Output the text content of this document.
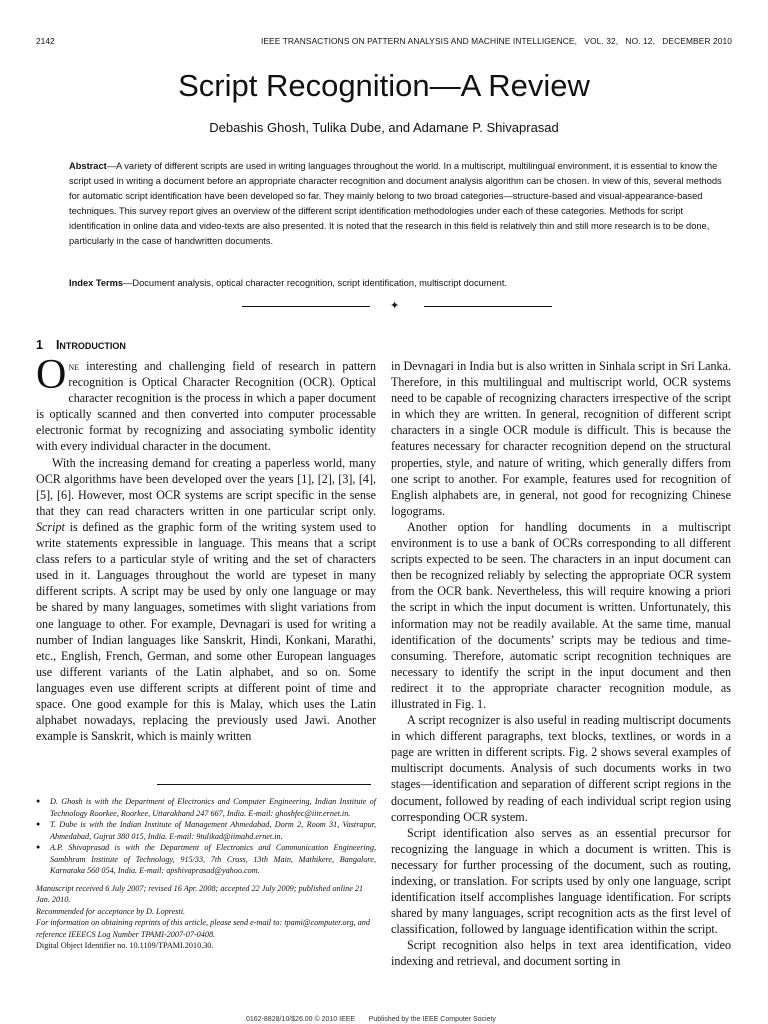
2142	IEEE TRANSACTIONS ON PATTERN ANALYSIS AND MACHINE INTELLIGENCE,   VOL. 32,   NO. 12,   DECEMBER 2010
Script Recognition—A Review
Debashis Ghosh, Tulika Dube, and Adamane P. Shivaprasad
Abstract—A variety of different scripts are used in writing languages throughout the world. In a multiscript, multilingual environment, it is essential to know the script used in writing a document before an appropriate character recognition and document analysis algorithm can be chosen. In view of this, several methods for automatic script identification have been developed so far. They mainly belong to two broad categories—structure-based and visual-appearance-based techniques. This survey report gives an overview of the different script identification methodologies under each of these categories. Methods for script identification in online data and video-texts are also presented. It is noted that the research in this field is relatively thin and still more research is to be done, particularly in the case of handwritten documents.
Index Terms—Document analysis, optical character recognition, script identification, multiscript document.
✦
1 Introduction

One interesting and challenging field of research in pattern recognition is Optical Character Recognition (OCR). Optical character recognition is the process in which a paper document is optically scanned and then converted into computer processable electronic format by recognizing and associating symbolic identity with every individual character in the document.

With the increasing demand for creating a paperless world, many OCR algorithms have been developed over the years [1], [2], [3], [4], [5], [6]. However, most OCR systems are script specific in the sense that they can read characters written in one particular script only. Script is defined as the graphic form of the writing system used to write statements expressible in language. This means that a script class refers to a particular style of writing and the set of characters used in it. Languages throughout the world are typeset in many different scripts. A script may be used by only one language or may be shared by many languages, sometimes with slight variations from one language to other. For example, Devnagari is used for writing a number of Indian languages like Sanskrit, Hindi, Konkani, Marathi, etc., English, French, German, and some other European languages use different variants of the Latin alphabet, and so on. Some languages even use different scripts at different point of time and space. One good example for this is Malay, which uses the Latin alphabet nowadays, replacing the previously used Jawi. Another example is Sanskrit, which is mainly written

in Devnagari in India but is also written in Sinhala script in Sri Lanka. Therefore, in this multilingual and multiscript world, OCR systems need to be capable of recognizing characters irrespective of the script in which they are written. In general, recognition of different script characters in a single OCR module is difficult. This is because the features necessary for character recognition depend on the structural properties, style, and nature of writing, which generally differs from one script to another. For example, features used for recognition of English alphabets are, in general, not good for recognizing Chinese logograms.

Another option for handling documents in a multiscript environment is to use a bank of OCRs corresponding to all different scripts expected to be seen. The characters in an input document can then be recognized reliably by selecting the appropriate OCR system from the OCR bank. Nevertheless, this will require knowing a priori the script in which the input document is written. Unfortunately, this information may not be readily available. At the same time, manual identification of the documents’ scripts may be tedious and time-consuming. Therefore, automatic script recognition techniques are necessary to identify the script in the input document and then redirect it to the appropriate character recognition module, as illustrated in Fig. 1.

A script recognizer is also useful in reading multiscript documents in which different paragraphs, text blocks, textlines, or words in a page are written in different scripts. Fig. 2 shows several examples of multiscript documents. Analysis of such documents works in two stages—identification and separation of different script regions in the document, followed by reading of each individual script region using corresponding OCR system.

Script identification also serves as an essential precursor for recognizing the language in which a document is written. This is necessary for further processing of the document, such as routing, indexing, or translation. For scripts used by only one language, script identification itself accomplishes language identification. For scripts shared by many languages, script recognition acts as the first level of classification, followed by language identification within the script.

Script recognition also helps in text area identification, video indexing and retrieval, and document sorting in

● D. Ghosh is with the Department of Electronics and Computer Engineering, Indian Institute of Technology Roorkee, Roorkee, Uttarakhand 247 667, India. E-mail: ghoshfec@iitr.ernet.in.
● T. Dube is with the Indian Institute of Management Ahmedabad, Dorm 2, Room 31, Vastrapur, Ahmedabad, Gujrat 380 015, India. E-mail: 9tulikad@iimahd.ernet.in.
● A.P. Shivaprasad is with the Department of Electronics and Communication Engineering, Sambhram Institute of Technology, 915/33, 7th Cross, 13th Main, Mathikere, Bangalore, Karnataka 560 054, India. E-mail: apshivaprasad@yahoo.com.
Manuscript received 6 July 2007; revised 16 Apr. 2008; accepted 22 July 2009; published online 21 Jan. 2010.
Recommended for acceptance by D. Lopresti.
For information on obtaining reprints of this article, please send e-mail to: tpami@computer.org, and reference IEEECS Log Number TPAMI-2007-07-0408.
Digital Object Identifier no. 10.1109/TPAMI.2010.30.
0162-8828/10/$26.00 © 2010 IEEE       Published by the IEEE Computer Society
